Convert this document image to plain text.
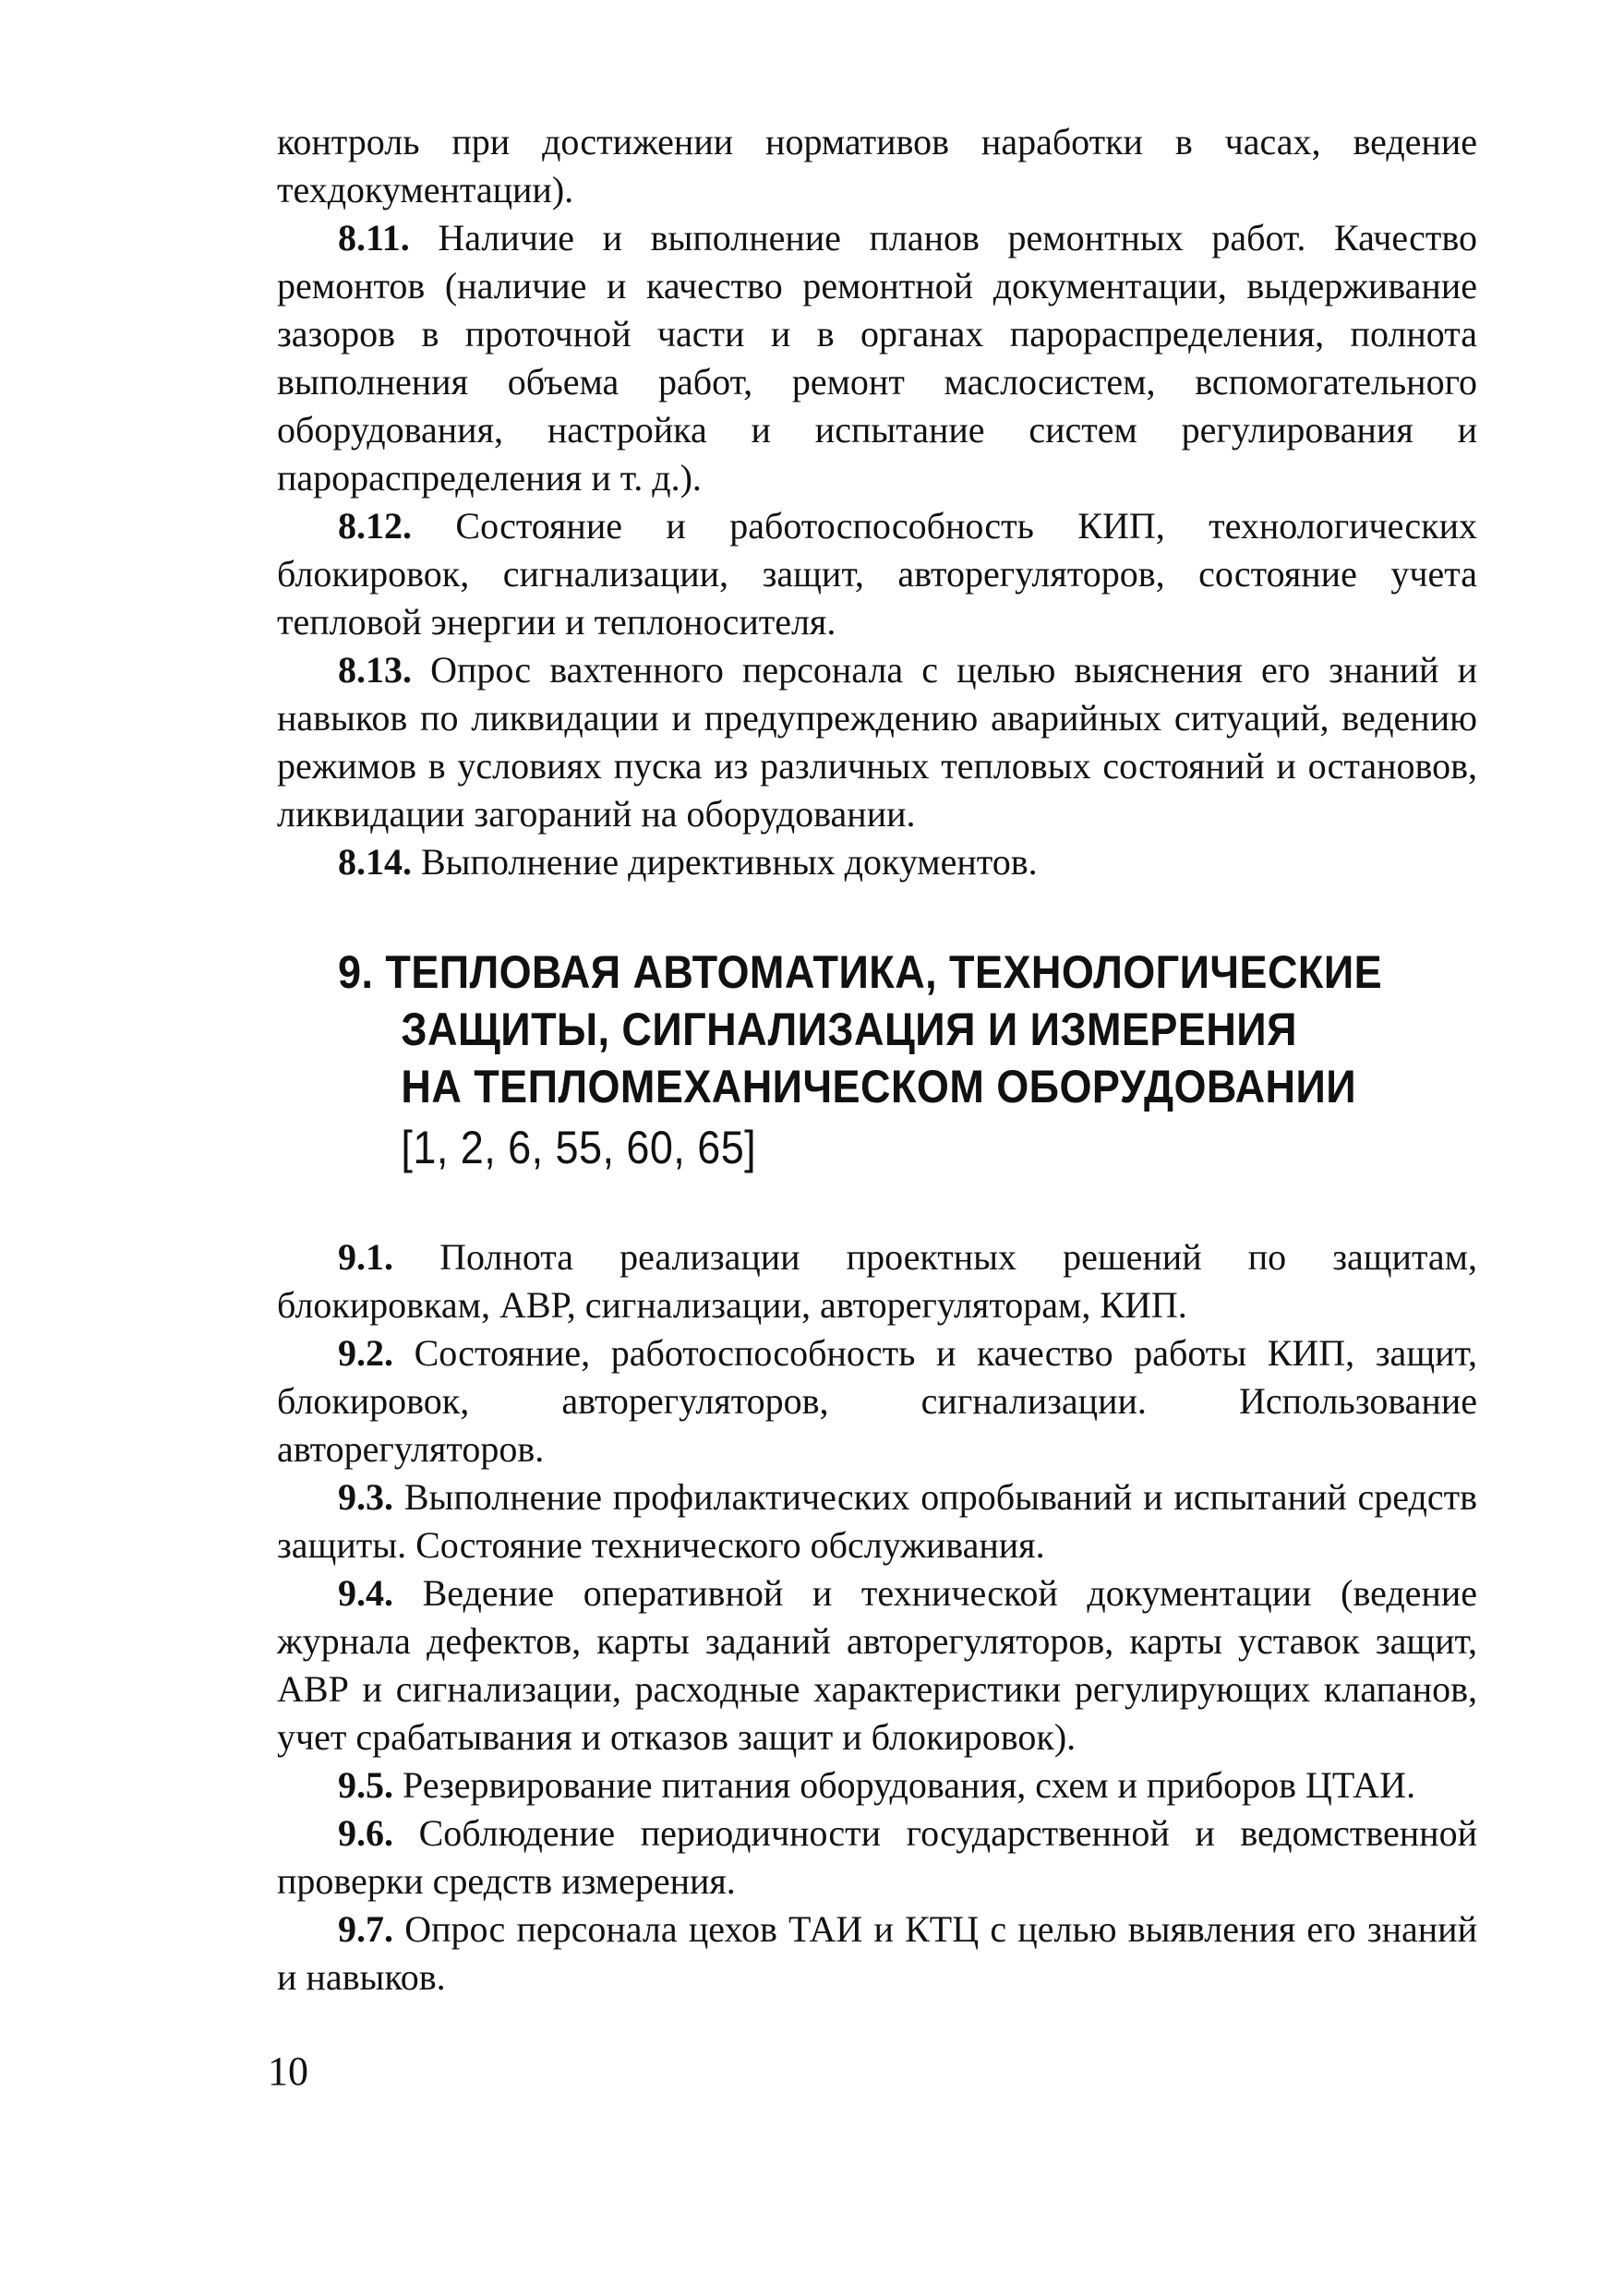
контроль при достижении нормативов наработки в часах, ведение техдокументации).

8.11. Наличие и выполнение планов ремонтных работ. Качество ремонтов (наличие и качество ремонтной документации, выдерживание зазоров в проточной части и в органах парораспределения, полнота выполнения объема работ, ремонт маслосистем, вспомогательного оборудования, настройка и испытание систем регулирования и парораспределения и т. д.).

8.12. Состояние и работоспособность КИП, технологических блокировок, сигнализации, защит, авторегуляторов, состояние учета тепловой энергии и теплоносителя.

8.13. Опрос вахтенного персонала с целью выяснения его знаний и навыков по ликвидации и предупреждению аварийных ситуаций, ведению режимов в условиях пуска из различных тепловых состояний и остановов, ликвидации загораний на оборудовании.

8.14. Выполнение директивных документов.

9. ТЕПЛОВАЯ АВТОМАТИКА, ТЕХНОЛОГИЧЕСКИЕ
ЗАЩИТЫ, СИГНАЛИЗАЦИЯ И ИЗМЕРЕНИЯ
НА ТЕПЛОМЕХАНИЧЕСКОМ ОБОРУДОВАНИИ
[1, 2, 6, 55, 60, 65]

9.1. Полнота реализации проектных решений по защитам, блокировкам, АВР, сигнализации, авторегуляторам, КИП.

9.2. Состояние, работоспособность и качество работы КИП, защит, блокировок, авторегуляторов, сигнализации. Использование авторегуляторов.

9.3. Выполнение профилактических опробываний и испытаний средств защиты. Состояние технического обслуживания.

9.4. Ведение оперативной и технической документации (ведение журнала дефектов, карты заданий авторегуляторов, карты уставок защит, АВР и сигнализации, расходные характеристики регулирующих клапанов, учет срабатывания и отказов защит и блокировок).

9.5. Резервирование питания оборудования, схем и приборов ЦТАИ.

9.6. Соблюдение периодичности государственной и ведомственной проверки средств измерения.

9.7. Опрос персонала цехов ТАИ и КТЦ с целью выявления его знаний и навыков.

10
